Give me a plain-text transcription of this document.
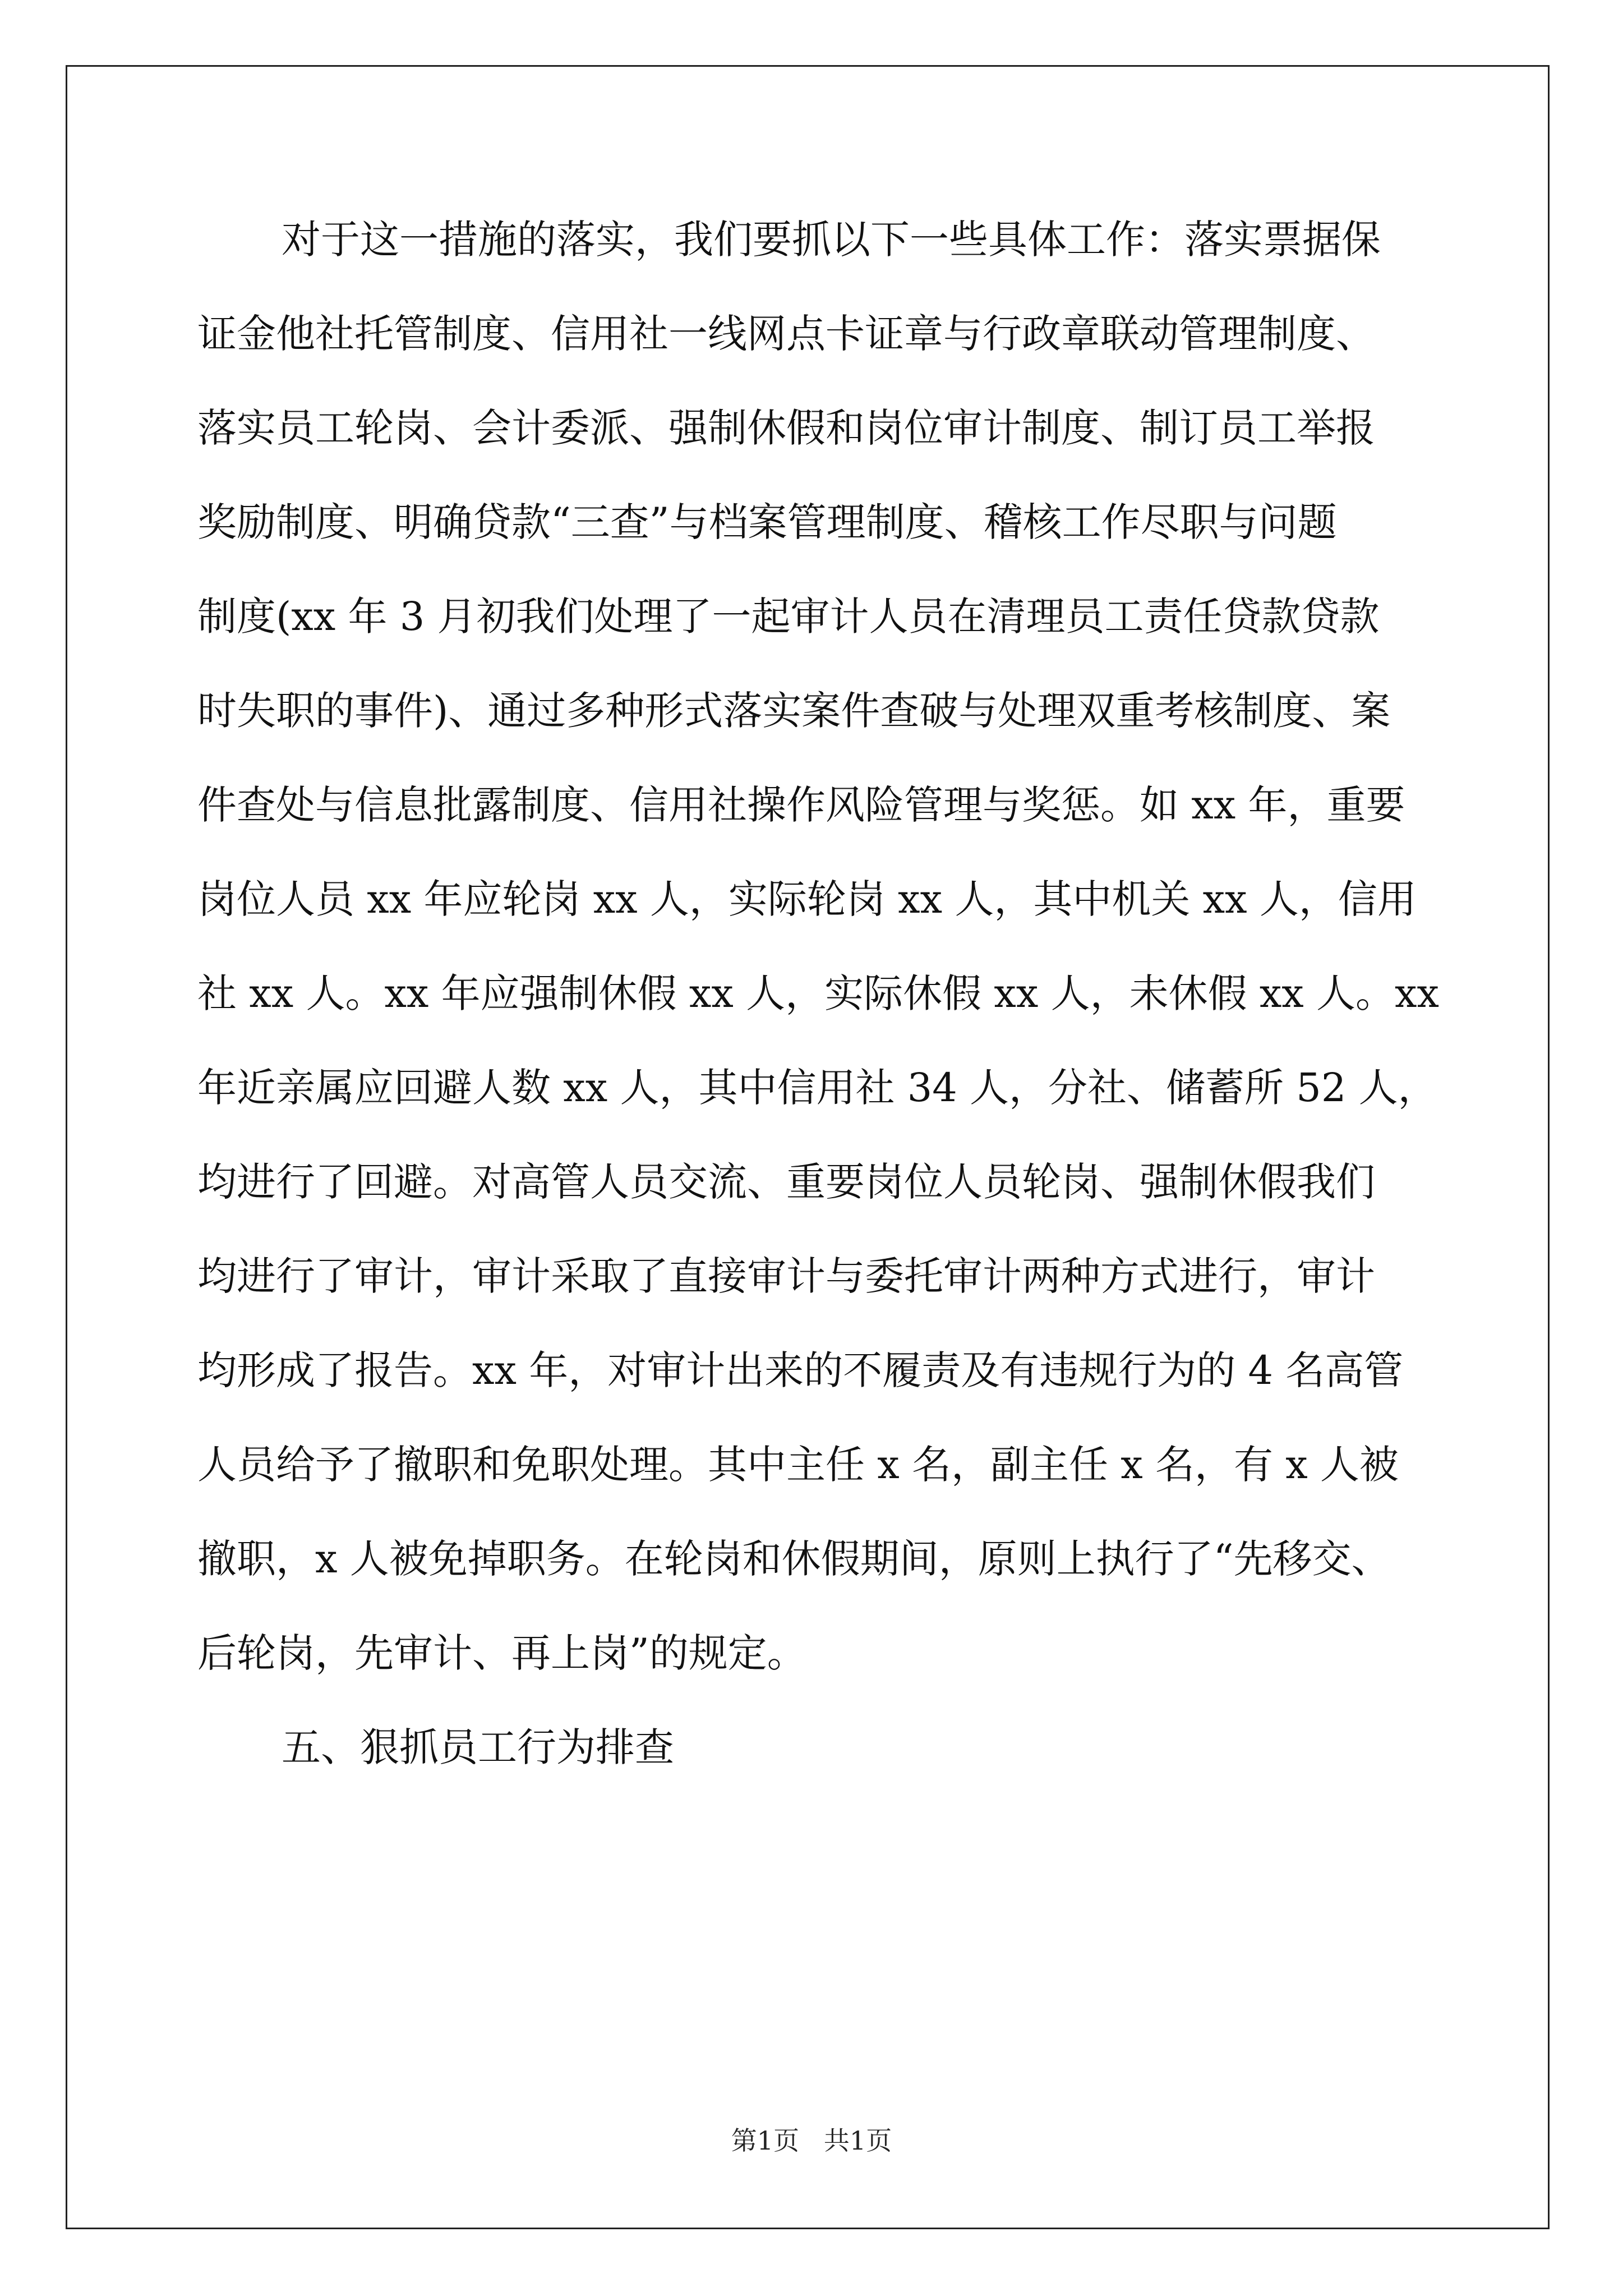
对于这一措施的落实，我们要抓以下一些具体工作：落实票据保
证金他社托管制度、信用社一线网点卡证章与行政章联动管理制度、
落实员工轮岗、会计委派、强制休假和岗位审计制度、制订员工举报
奖励制度、明确贷款“三查”与档案管理制度、稽核工作尽职与问题
制度(xx 年 3 月初我们处理了一起审计人员在清理员工责任贷款贷款
时失职的事件)、通过多种形式落实案件查破与处理双重考核制度、案
件查处与信息批露制度、信用社操作风险管理与奖惩。如 xx 年，重要
岗位人员 xx 年应轮岗 xx 人，实际轮岗 xx 人，其中机关 xx 人，信用
社 xx 人。xx 年应强制休假 xx 人，实际休假 xx 人，未休假 xx 人。xx
年近亲属应回避人数 xx 人，其中信用社 34 人，分社、储蓄所 52 人，
均进行了回避。对高管人员交流、重要岗位人员轮岗、强制休假我们
均进行了审计，审计采取了直接审计与委托审计两种方式进行，审计
均形成了报告。xx 年，对审计出来的不履责及有违规行为的 4 名高管
人员给予了撤职和免职处理。其中主任 x 名，副主任 x 名，有 x 人被
撤职，x 人被免掉职务。在轮岗和休假期间，原则上执行了“先移交、
后轮岗，先审计、再上岗”的规定。
五、狠抓员工行为排查
第1页   共1页
